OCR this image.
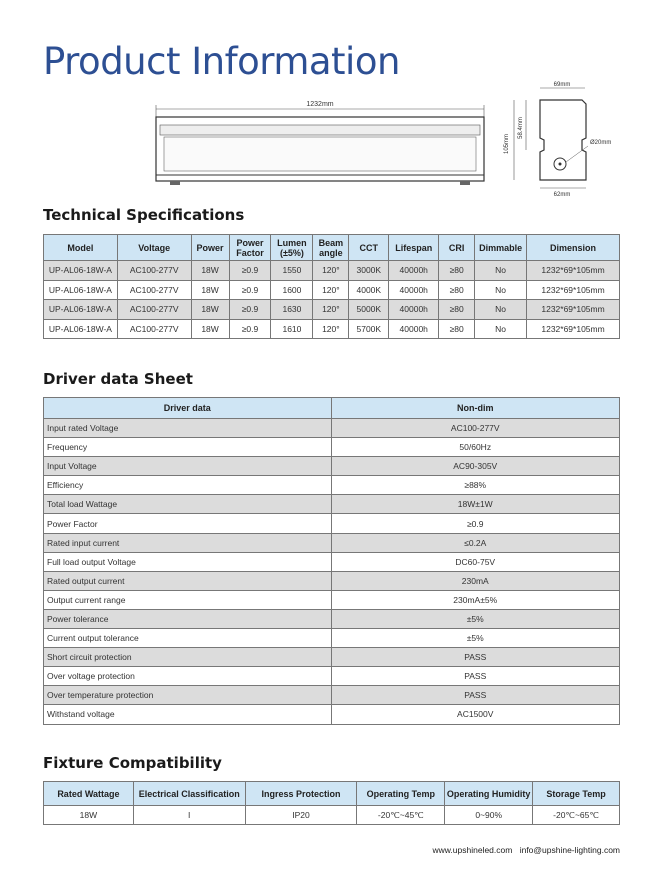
Product Information
1232mm
69mm
105mm
58.4mm
Ø20mm
62mm
Technical Specifications
Model	Voltage	Power	Power Factor	Lumen (±5%)	Beam angle	CCT	Lifespan	CRI	Dimmable	Dimension
UP-AL06-18W-A	AC100-277V	18W	≥0.9	1550	120°	3000K	40000h	≥80	No	1232*69*105mm
UP-AL06-18W-A	AC100-277V	18W	≥0.9	1600	120°	4000K	40000h	≥80	No	1232*69*105mm
UP-AL06-18W-A	AC100-277V	18W	≥0.9	1630	120°	5000K	40000h	≥80	No	1232*69*105mm
UP-AL06-18W-A	AC100-277V	18W	≥0.9	1610	120°	5700K	40000h	≥80	No	1232*69*105mm
Driver data Sheet
Driver data	Non-dim
Input rated Voltage	AC100-277V
Frequency	50/60Hz
Input Voltage	AC90-305V
Efficiency	≥88%
Total load Wattage	18W±1W
Power Factor	≥0.9
Rated input current	≤0.2A
Full load output Voltage	DC60-75V
Rated output current	230mA
Output current range	230mA±5%
Power tolerance	±5%
Current output tolerance	±5%
Short circuit protection	PASS
Over voltage protection	PASS
Over temperature protection	PASS
Withstand voltage	AC1500V
Fixture Compatibility
Rated Wattage	Electrical Classification	Ingress Protection	Operating Temp	Operating Humidity	Storage Temp
18W	I	IP20	-20℃~45℃	0~90%	-20℃~65℃
www.upshineled.com info@upshine-lighting.com
